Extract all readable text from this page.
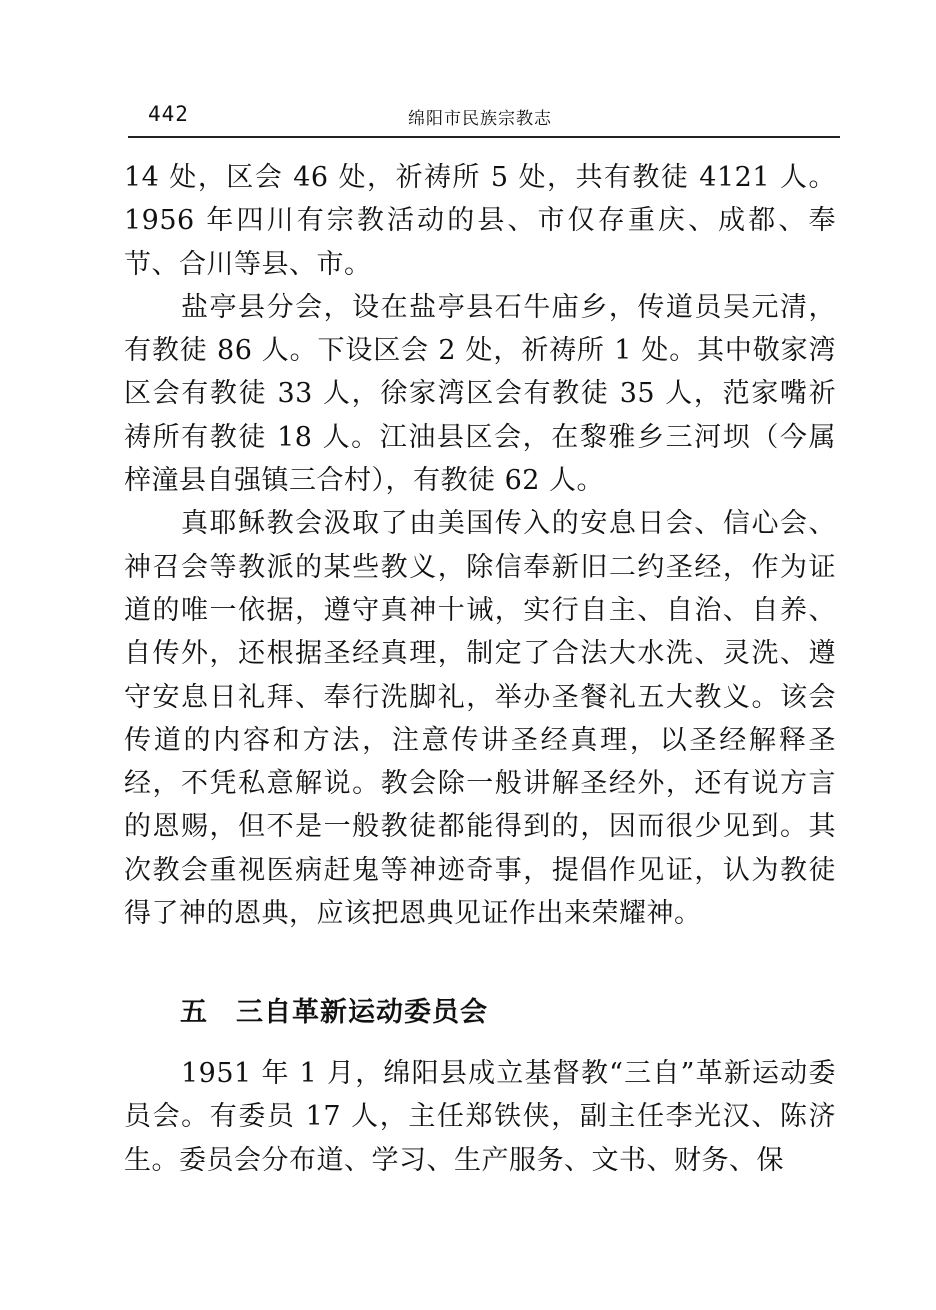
442	绵阳市民族宗教志

14 处，区会 46 处，祈祷所 5 处，共有教徒 4121 人。1956 年四川有宗教活动的县、市仅存重庆、成都、奉节、合川等县、市。

盐亭县分会，设在盐亭县石牛庙乡，传道员吴元清，有教徒 86 人。下设区会 2 处，祈祷所 1 处。其中敬家湾区会有教徒 33 人，徐家湾区会有教徒 35 人，范家嘴祈祷所有教徒 18 人。江油县区会，在黎雅乡三河坝（今属梓潼县自强镇三合村），有教徒 62 人。

真耶稣教会汲取了由美国传入的安息日会、信心会、神召会等教派的某些教义，除信奉新旧二约圣经，作为证道的唯一依据，遵守真神十诫，实行自主、自治、自养、自传外，还根据圣经真理，制定了合法大水洗、灵洗、遵守安息日礼拜、奉行洗脚礼，举办圣餐礼五大教义。该会传道的内容和方法，注意传讲圣经真理，以圣经解释圣经，不凭私意解说。教会除一般讲解圣经外，还有说方言的恩赐，但不是一般教徒都能得到的，因而很少见到。其次教会重视医病赶鬼等神迹奇事，提倡作见证，认为教徒得了神的恩典，应该把恩典见证作出来荣耀神。

五　三自革新运动委员会

1951 年 1 月，绵阳县成立基督教“三自”革新运动委员会。有委员 17 人，主任郑铁侠，副主任李光汉、陈济生。委员会分布道、学习、生产服务、文书、财务、保
